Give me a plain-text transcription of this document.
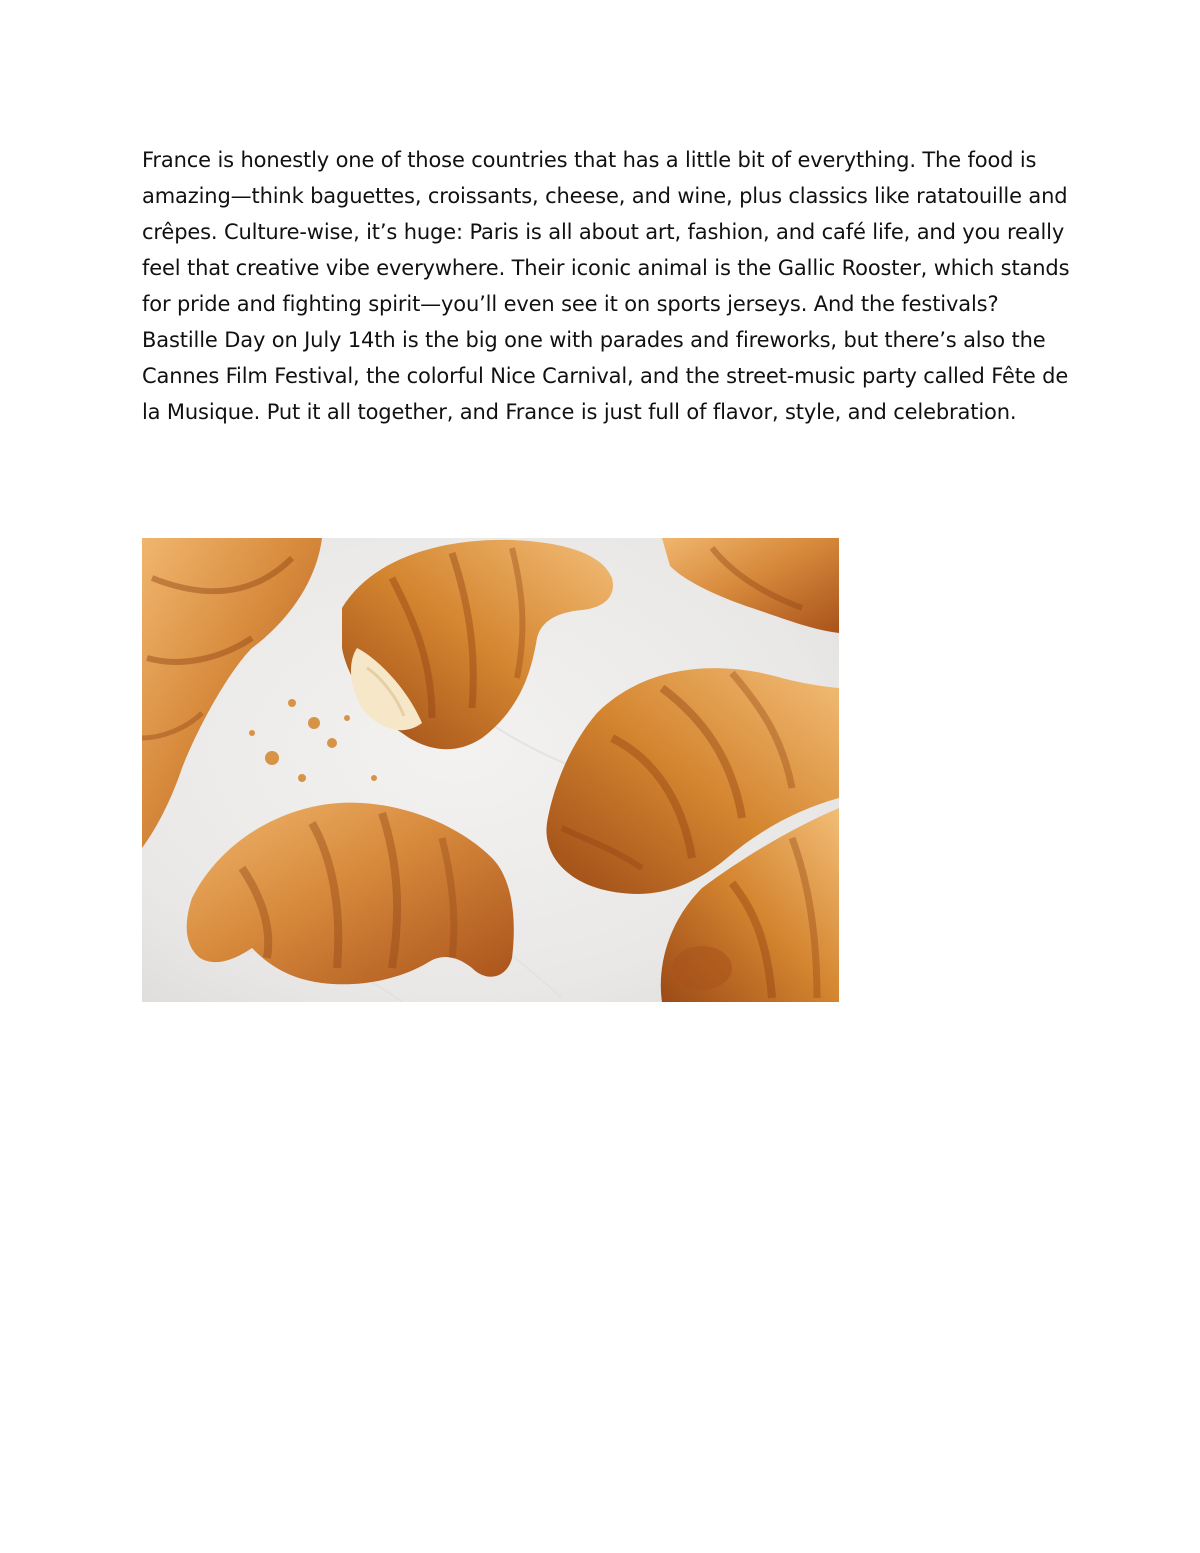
France is honestly one of those countries that has a little bit of everything. The food is amazing—think baguettes, croissants, cheese, and wine, plus classics like ratatouille and crêpes. Culture-wise, it’s huge: Paris is all about art, fashion, and café life, and you really feel that creative vibe everywhere. Their iconic animal is the Gallic Rooster, which stands for pride and fighting spirit—you’ll even see it on sports jerseys. And the festivals? Bastille Day on July 14th is the big one with parades and fireworks, but there’s also the Cannes Film Festival, the colorful Nice Carnival, and the street-music party called Fête de la Musique. Put it all together, and France is just full of flavor, style, and celebration.
